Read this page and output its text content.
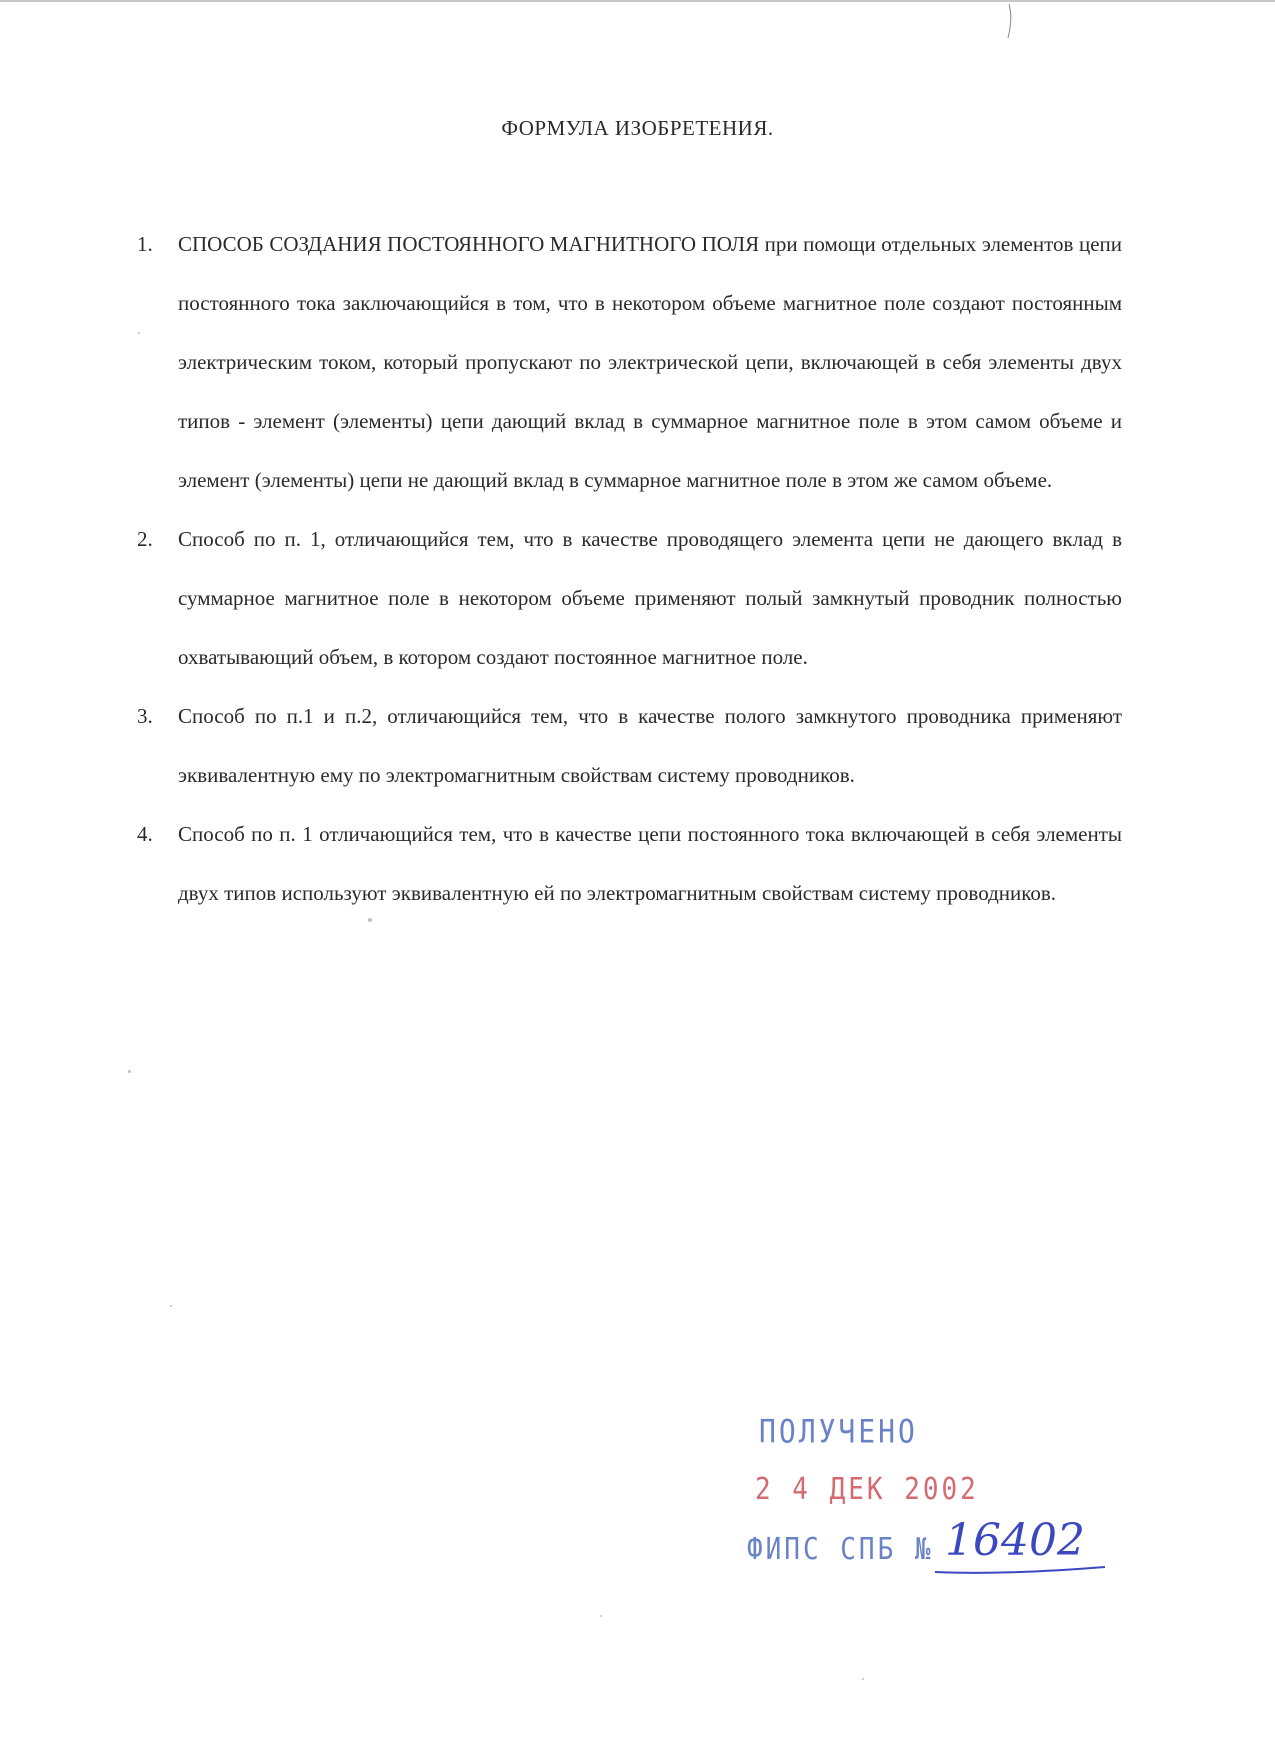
ФОРМУЛА ИЗОБРЕТЕНИЯ.
1. СПОСОБ СОЗДАНИЯ ПОСТОЯННОГО МАГНИТНОГО ПОЛЯ при помощи отдельных элементов цепи постоянного тока заключающийся в том, что в некотором объеме магнитное поле создают постоянным электрическим током, который пропускают по электрической цепи, включающей в себя элементы двух типов - элемент (элементы) цепи дающий вклад в суммарное магнитное поле в этом самом объеме и элемент (элементы) цепи не дающий вклад в суммарное магнитное поле в этом же самом объеме.
2. Способ по п. 1, отличающийся тем, что в качестве проводящего элемента цепи не дающего вклад в суммарное магнитное поле в некотором объеме применяют полый замкнутый проводник полностью охватывающий объем, в котором создают постоянное магнитное поле.
3. Способ по п.1 и п.2, отличающийся тем, что в качестве полого замкнутого проводника применяют эквивалентную ему по электромагнитным свойствам систему проводников.
4. Способ по п. 1 отличающийся тем, что в качестве цепи постоянного тока включающей в себя элементы двух типов используют эквивалентную ей по электромагнитным свойствам систему проводников.
ПОЛУЧЕНО
2 4 ДЕК 2002
ФИПС СПБ № 16402
